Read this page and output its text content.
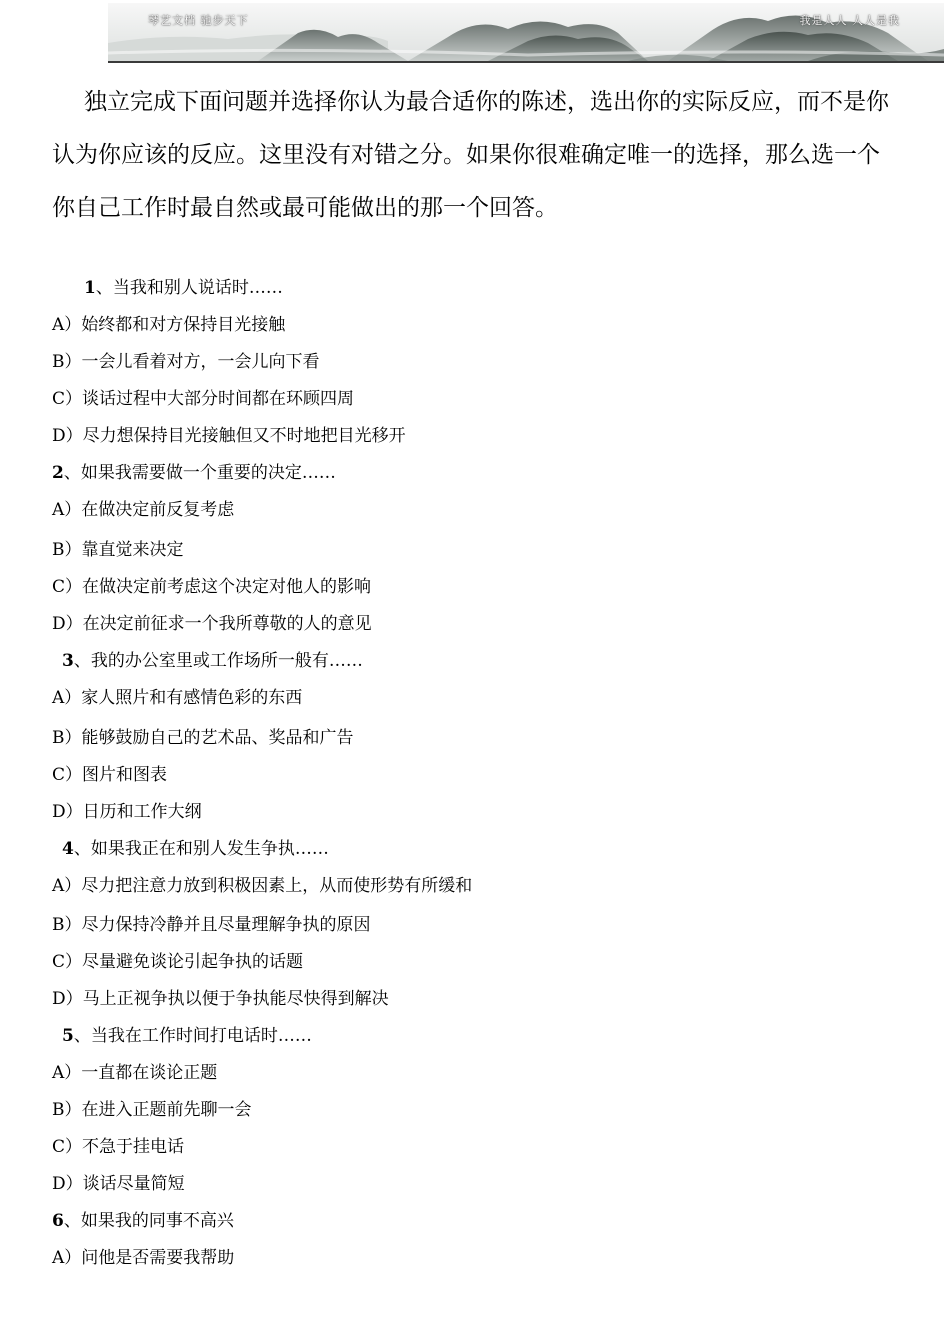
琴艺文档 驰步天下	我是人人 人人是我

独立完成下面问题并选择你认为最合适你的陈述，选出你的实际反应，而不是你认为你应该的反应。这里没有对错之分。如果你很难确定唯一的选择，那么选一个你自己工作时最自然或最可能做出的那一个回答。

1、当我和别人说话时……

A）始终都和对方保持目光接触

B）一会儿看着对方，一会儿向下看

C）谈话过程中大部分时间都在环顾四周

D）尽力想保持目光接触但又不时地把目光移开

2、如果我需要做一个重要的决定……

A）在做决定前反复考虑

B）靠直觉来决定

C）在做决定前考虑这个决定对他人的影响

D）在决定前征求一个我所尊敬的人的意见

3、我的办公室里或工作场所一般有……

A）家人照片和有感情色彩的东西

B）能够鼓励自己的艺术品、奖品和广告

C）图片和图表

D）日历和工作大纲

4、如果我正在和别人发生争执……

A）尽力把注意力放到积极因素上，从而使形势有所缓和

B）尽力保持冷静并且尽量理解争执的原因

C）尽量避免谈论引起争执的话题

D）马上正视争执以便于争执能尽快得到解决

5、当我在工作时间打电话时……

A）一直都在谈论正题

B）在进入正题前先聊一会

C）不急于挂电话

D）谈话尽量简短

6、如果我的同事不高兴

A）问他是否需要我帮助
